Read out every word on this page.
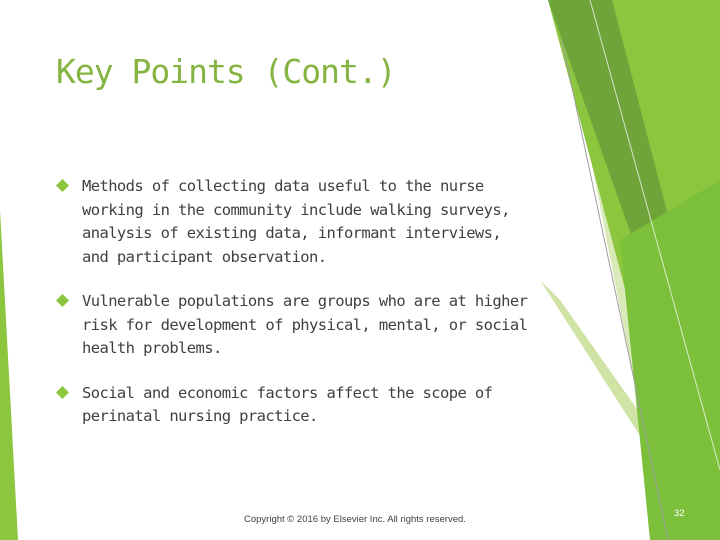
Key Points (Cont.)
Methods of collecting data useful to the nurse working in the community include walking surveys, analysis of existing data, informant interviews, and participant observation.
Vulnerable populations are groups who are at higher risk for development of physical, mental, or social health problems.
Social and economic factors affect the scope of perinatal nursing practice.
Copyright © 2016 by Elsevier Inc. All rights reserved.
32
